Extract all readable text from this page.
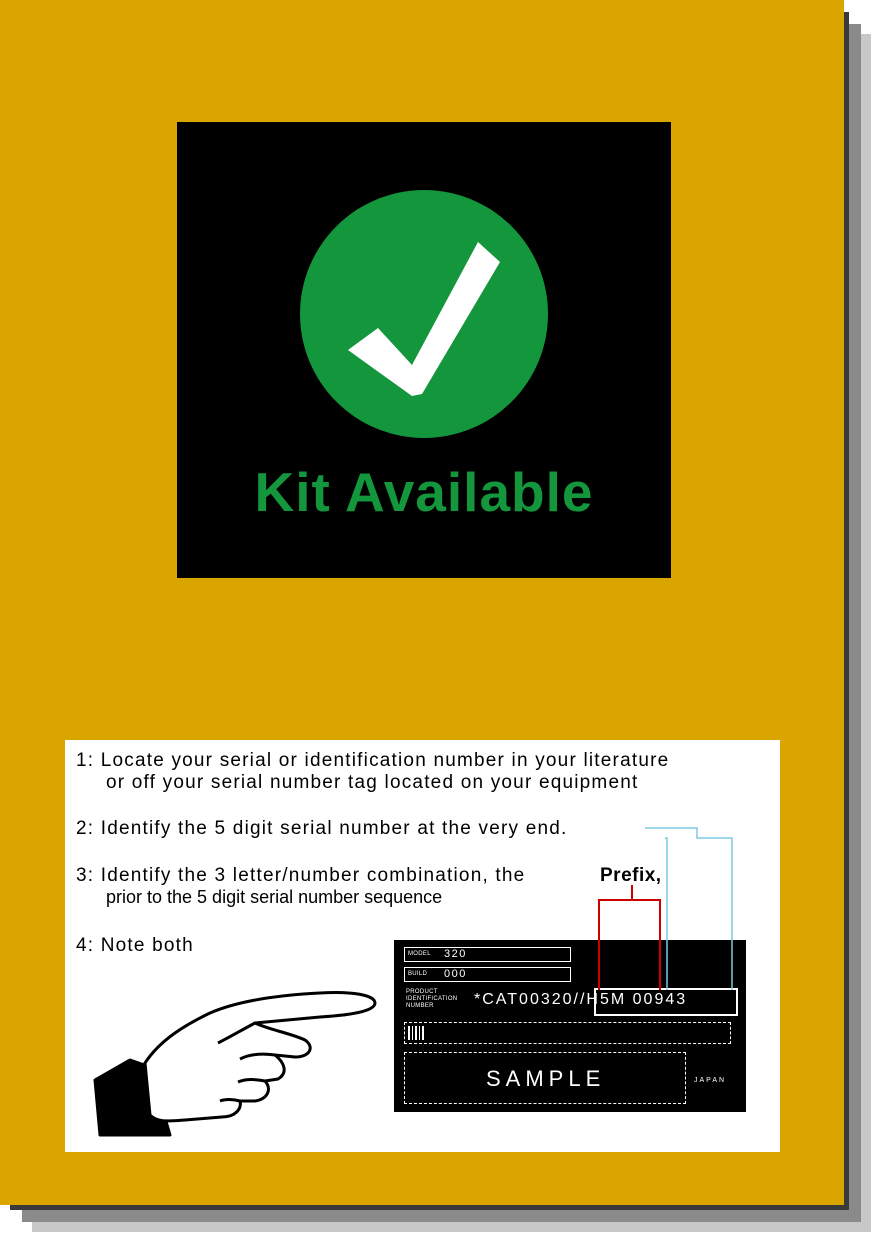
Kit Available
1: Locate your serial or identification number in your literature
or off your serial number tag located on your equipment
2: Identify the 5 digit serial number at the very end.
3: Identify the 3 letter/number combination, the
prior to the 5 digit serial number sequence
Prefix,
4: Note both	MODEL 320
BUILD 000
PRODUCT
IDENTIFICATION
NUMBER	*CAT00320//H5M 00943
SAMPLE	JAPAN
